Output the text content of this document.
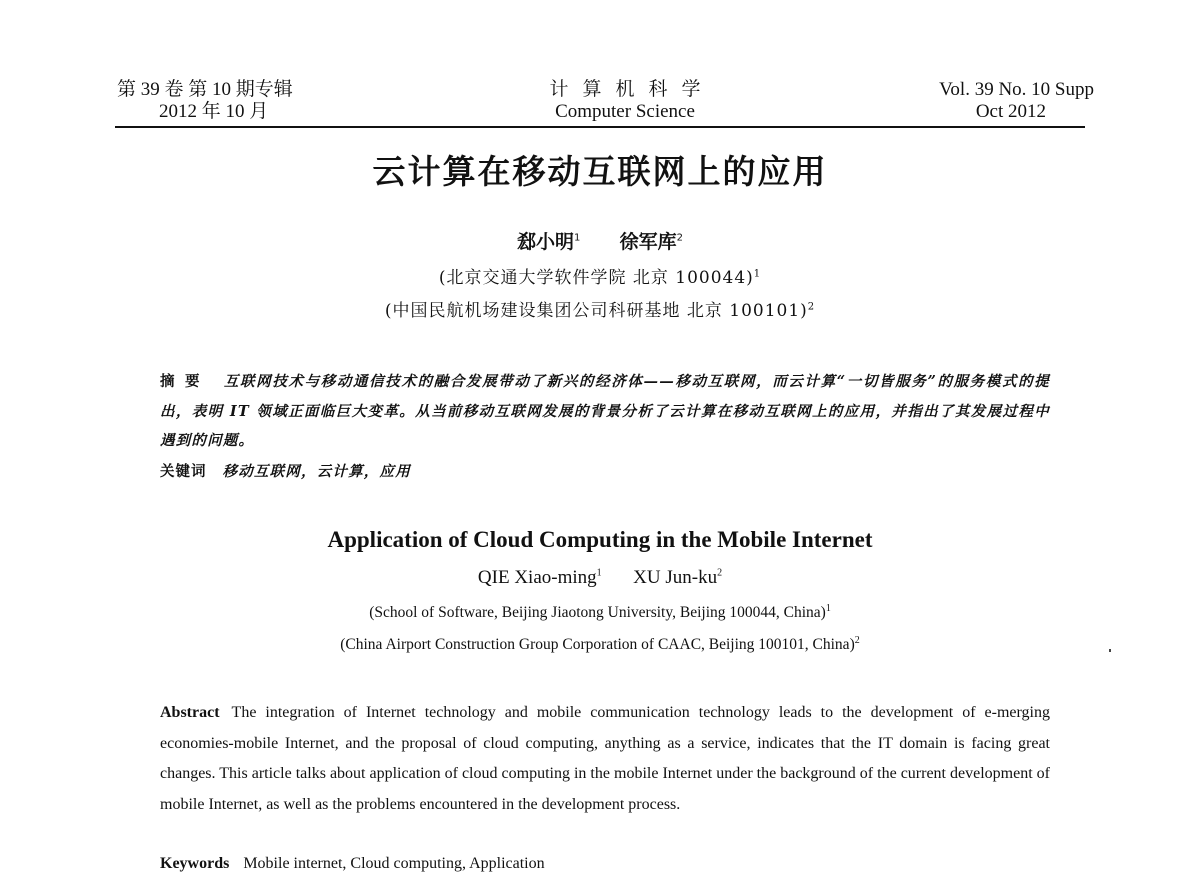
第 39 卷 第 10 期专辑
2012 年 10 月
计算机科学
Computer Science
Vol. 39 No. 10 Supp
Oct 2012
云计算在移动互联网上的应用
郄小明$^1$ 徐军库$^2$
(北京交通大学软件学院 北京 100044)$^1$
(中国民航机场建设集团公司科研基地 北京 100101)$^2$
摘要 互联网技术与移动通信技术的融合发展带动了新兴的经济体——移动互联网，而云计算“一切皆服务”的服务模式的提出，表明 IT 领域正面临巨大变革。从当前移动互联网发展的背景分析了云计算在移动互联网上的应用，并指出了其发展过程中遇到的问题。
关键词 移动互联网，云计算，应用
Application of Cloud Computing in the Mobile Internet
QIE Xiao-ming$^1$ XU Jun-$ku^2$
(School of Software, Beijing Jiaotong University, Beijing 100044, China)$^1$
(China Airport Construction Group Corporation of CAAC, Beijing 100101, China)$^2$
Abstract The integration of Internet technology and mobile communication technology leads to the development of e-merging economies-mobile Internet, and the proposal of cloud computing, anything as a service, indicates that the IT domain is facing great changes. This article talks about application of cloud computing in the mobile Internet under the background of the current development of mobile Internet, as well as the problems encountered in the development process.
Keywords Mobile internet, Cloud computing, Application
